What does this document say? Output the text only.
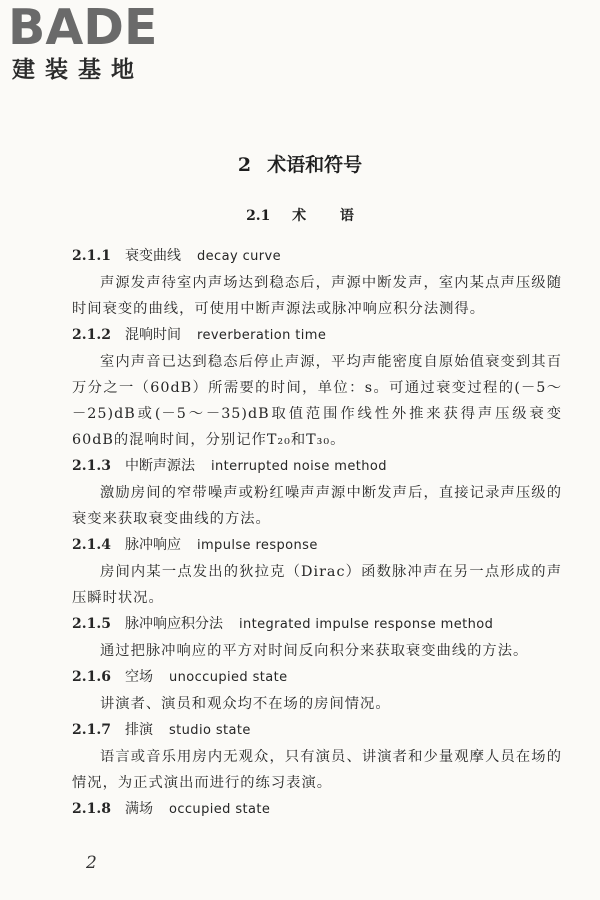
BADE
建装基地
2 术语和符号
2.1 术 语
2.1.1 衰变曲线 decay curve

声源发声待室内声场达到稳态后，声源中断发声，室内某点声压级随时间衰变的曲线，可使用中断声源法或脉冲响应积分法测得。

2.1.2 混响时间 reverberation time

室内声音已达到稳态后停止声源，平均声能密度自原始值衰变到其百万分之一（60dB）所需要的时间，单位：s。可通过衰变过程的(－5～－25)dB或(－5～－35)dB取值范围作线性外推来获得声压级衰变60dB的混响时间，分别记作T₂₀和T₃₀。

2.1.3 中断声源法 interrupted noise method

激励房间的窄带噪声或粉红噪声声源中断发声后，直接记录声压级的衰变来获取衰变曲线的方法。

2.1.4 脉冲响应 impulse response

房间内某一点发出的狄拉克（Dirac）函数脉冲声在另一点形成的声压瞬时状况。

2.1.5 脉冲响应积分法 integrated impulse response method

通过把脉冲响应的平方对时间反向积分来获取衰变曲线的方法。

2.1.6 空场 unoccupied state

讲演者、演员和观众均不在场的房间情况。

2.1.7 排演 studio state

语言或音乐用房内无观众，只有演员、讲演者和少量观摩人员在场的情况，为正式演出而进行的练习表演。

2.1.8 满场 occupied state
2
